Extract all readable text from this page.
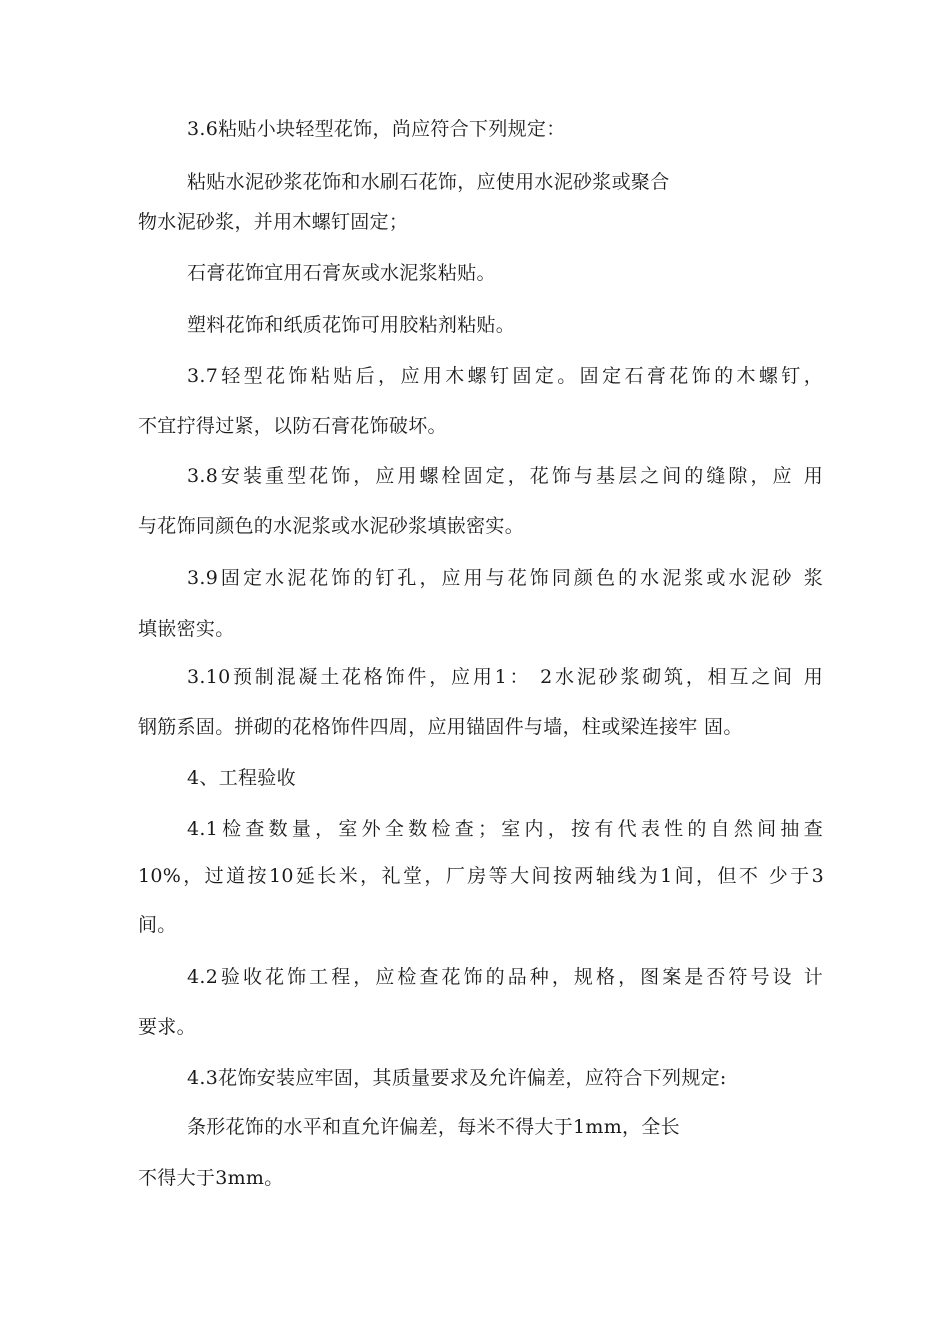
3.6粘贴小块轻型花饰，尚应符合下列规定：
粘贴水泥砂浆花饰和水刷石花饰，应使用水泥砂浆或聚合
物水泥砂浆，并用木螺钉固定；
石膏花饰宜用石膏灰或水泥浆粘贴。
塑料花饰和纸质花饰可用胶粘剂粘贴。
3.7轻型花饰粘贴后，应用木螺钉固定。固定石膏花饰的木螺钉，
不宜拧得过紧，以防石膏花饰破坏。
3.8安装重型花饰，应用螺栓固定，花饰与基层之间的缝隙，应 用
与花饰同颜色的水泥浆或水泥砂浆填嵌密实。
3.9固定水泥花饰的钉孔，应用与花饰同颜色的水泥浆或水泥砂 浆
填嵌密实。
3.10预制混凝土花格饰件，应用1： 2水泥砂浆砌筑，相互之间 用
钢筋系固。拼砌的花格饰件四周，应用锚固件与墙，柱或梁连接牢 固。
4、工程验收
4.1检查数量，室外全数检查；室内，按有代表性的自然间抽查
10%，过道按10延长米，礼堂，厂房等大间按两轴线为1间，但不 少于3
间。
4.2验收花饰工程，应检查花饰的品种，规格，图案是否符号设 计
要求。
4.3花饰安装应牢固，其质量要求及允许偏差，应符合下列规定:
条形花饰的水平和直允许偏差，每米不得大于1mm，全长
不得大于3mm。
